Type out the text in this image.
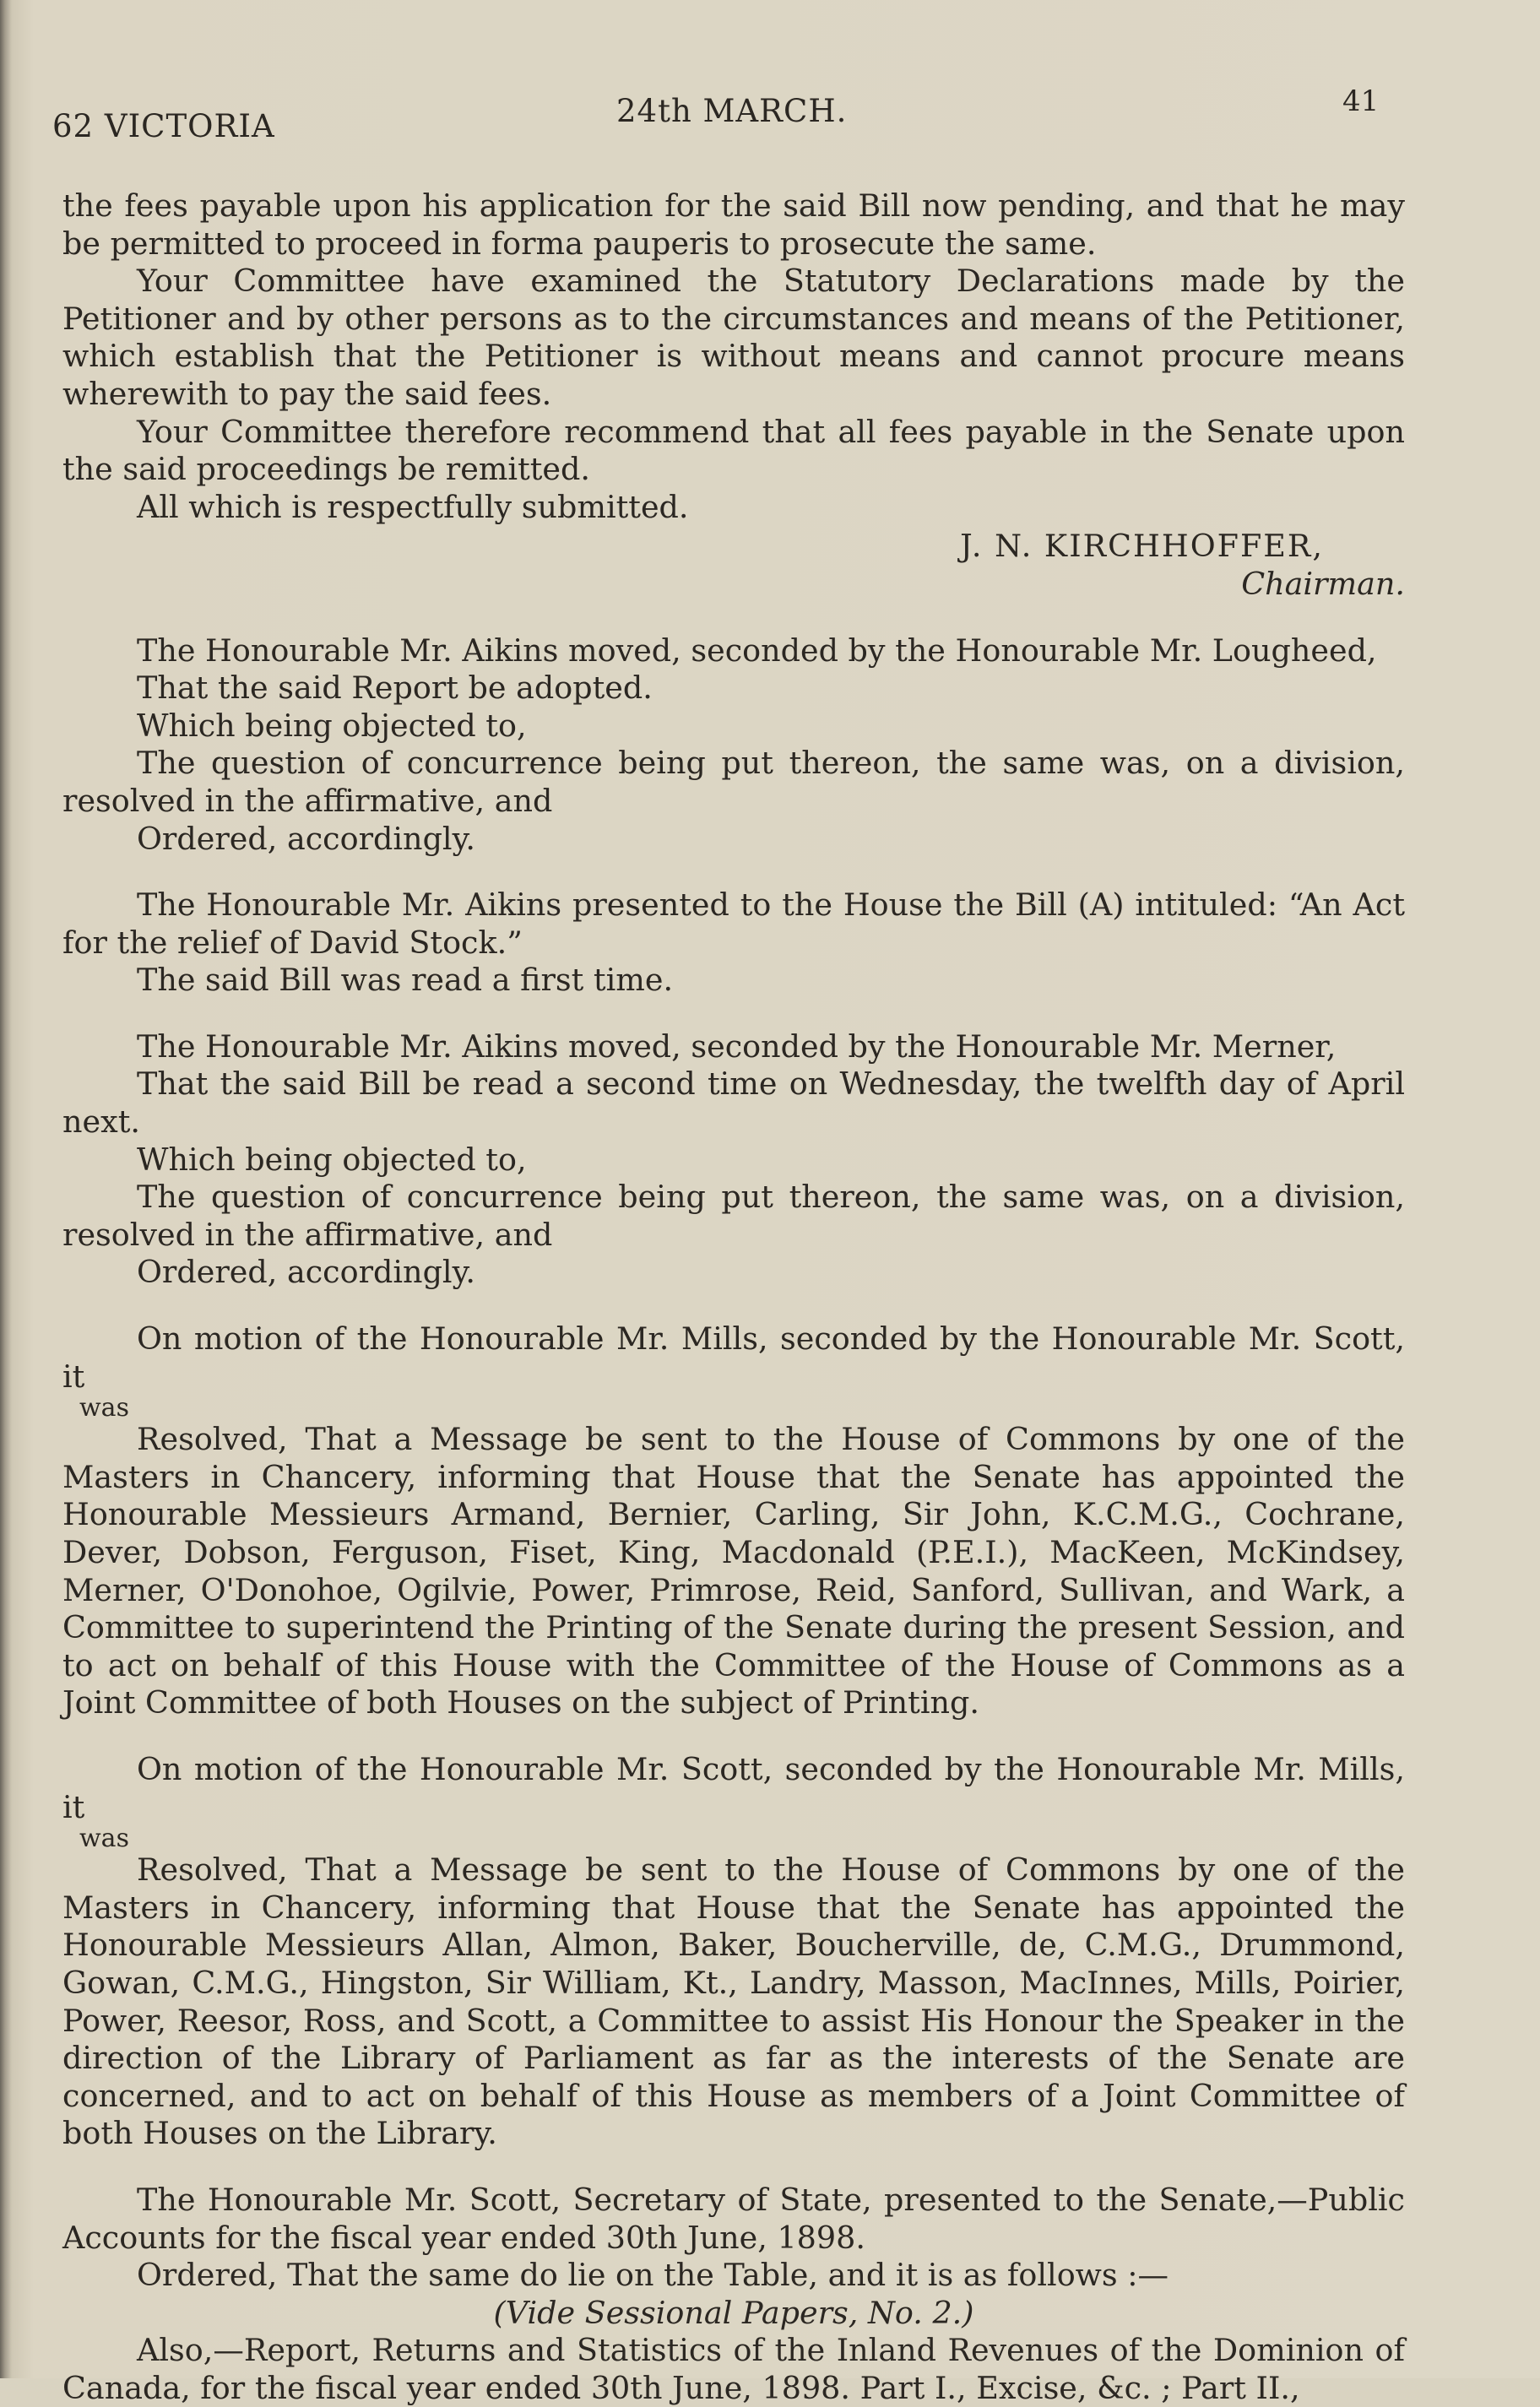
62 VICTORIA	24th MARCH.	41

the fees payable upon his application for the said Bill now pending, and that he may be permitted to proceed in forma pauperis to prosecute the same.

Your Committee have examined the Statutory Declarations made by the Petitioner and by other persons as to the circumstances and means of the Petitioner, which establish that the Petitioner is without means and cannot procure means wherewith to pay the said fees.

Your Committee therefore recommend that all fees payable in the Senate upon the said proceedings be remitted.

All which is respectfully submitted.

J. N. KIRCHHOFFER,
Chairman.

The Honourable Mr. Aikins moved, seconded by the Honourable Mr. Lougheed,

That the said Report be adopted.

Which being objected to,

The question of concurrence being put thereon, the same was, on a division, resolved in the affirmative, and

Ordered, accordingly.

The Honourable Mr. Aikins presented to the House the Bill (A) intituled: “An Act for the relief of David Stock.”

The said Bill was read a first time.

The Honourable Mr. Aikins moved, seconded by the Honourable Mr. Merner,

That the said Bill be read a second time on Wednesday, the twelfth day of April next.

Which being objected to,

The question of concurrence being put thereon, the same was, on a division, resolved in the affirmative, and

Ordered, accordingly.

On motion of the Honourable Mr. Mills, seconded by the Honourable Mr. Scott, it

was

Resolved, That a Message be sent to the House of Commons by one of the Masters in Chancery, informing that House that the Senate has appointed the Honourable Messieurs Armand, Bernier, Carling, Sir John, K.C.M.G., Cochrane, Dever, Dobson, Ferguson, Fiset, King, Macdonald (P.E.I.), MacKeen, McKindsey, Merner, O'Donohoe, Ogilvie, Power, Primrose, Reid, Sanford, Sullivan, and Wark, a Committee to superintend the Printing of the Senate during the present Session, and to act on behalf of this House with the Committee of the House of Commons as a Joint Committee of both Houses on the subject of Printing.

On motion of the Honourable Mr. Scott, seconded by the Honourable Mr. Mills, it

was

Resolved, That a Message be sent to the House of Commons by one of the Masters in Chancery, informing that House that the Senate has appointed the Honourable Messieurs Allan, Almon, Baker, Boucherville, de, C.M.G., Drummond, Gowan, C.M.G., Hingston, Sir William, Kt., Landry, Masson, MacInnes, Mills, Poirier, Power, Reesor, Ross, and Scott, a Committee to assist His Honour the Speaker in the direction of the Library of Parliament as far as the interests of the Senate are concerned, and to act on behalf of this House as members of a Joint Committee of both Houses on the Library.

The Honourable Mr. Scott, Secretary of State, presented to the Senate,—Public Accounts for the fiscal year ended 30th June, 1898.

Ordered, That the same do lie on the Table, and it is as follows :—

(Vide Sessional Papers, No. 2.)

Also,—Report, Returns and Statistics of the Inland Revenues of the Dominion of Canada, for the fiscal year ended 30th June, 1898. Part I., Excise, &c. ; Part II.,
